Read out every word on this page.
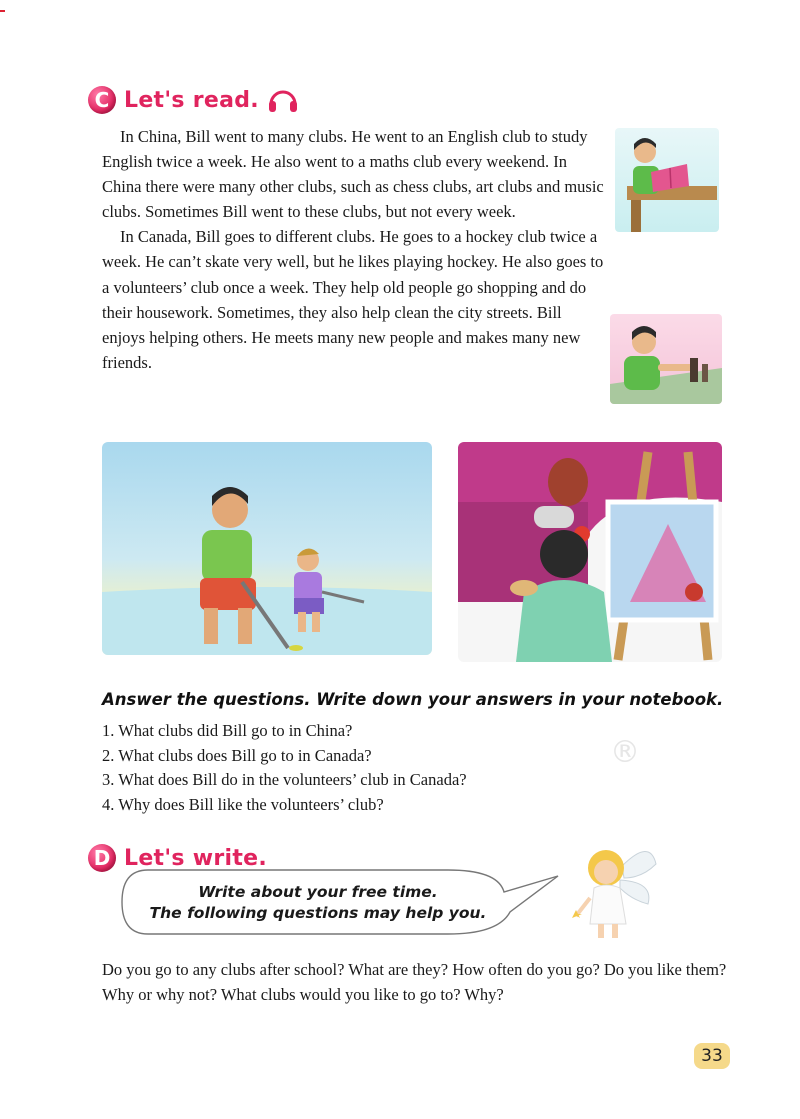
C Let's read.

In China, Bill went to many clubs. He went to an English club to study English twice a week. He also went to a maths club every weekend. In China there were many other clubs, such as chess clubs, art clubs and music clubs. Sometimes Bill went to these clubs, but not every week.

In Canada, Bill goes to different clubs. He goes to a hockey club twice a week. He can’t skate very well, but he likes playing hockey. He also goes to a volunteers’ club once a week. They help old people go shopping and do their housework. Sometimes, they also help clean the city streets. Bill enjoys helping others. He meets many new people and makes many new friends.

Answer the questions. Write down your answers in your notebook.
1. What clubs did Bill go to in China?
2. What clubs does Bill go to in Canada?
3. What does Bill do in the volunteers’ club in Canada?
4. Why does Bill like the volunteers’ club?
®
D Let's write.
Write about your free time.
The following questions may help you.

Do you go to any clubs after school? What are they? How often do you go? Do you like them? Why or why not? What clubs would you like to go to? Why?

33
